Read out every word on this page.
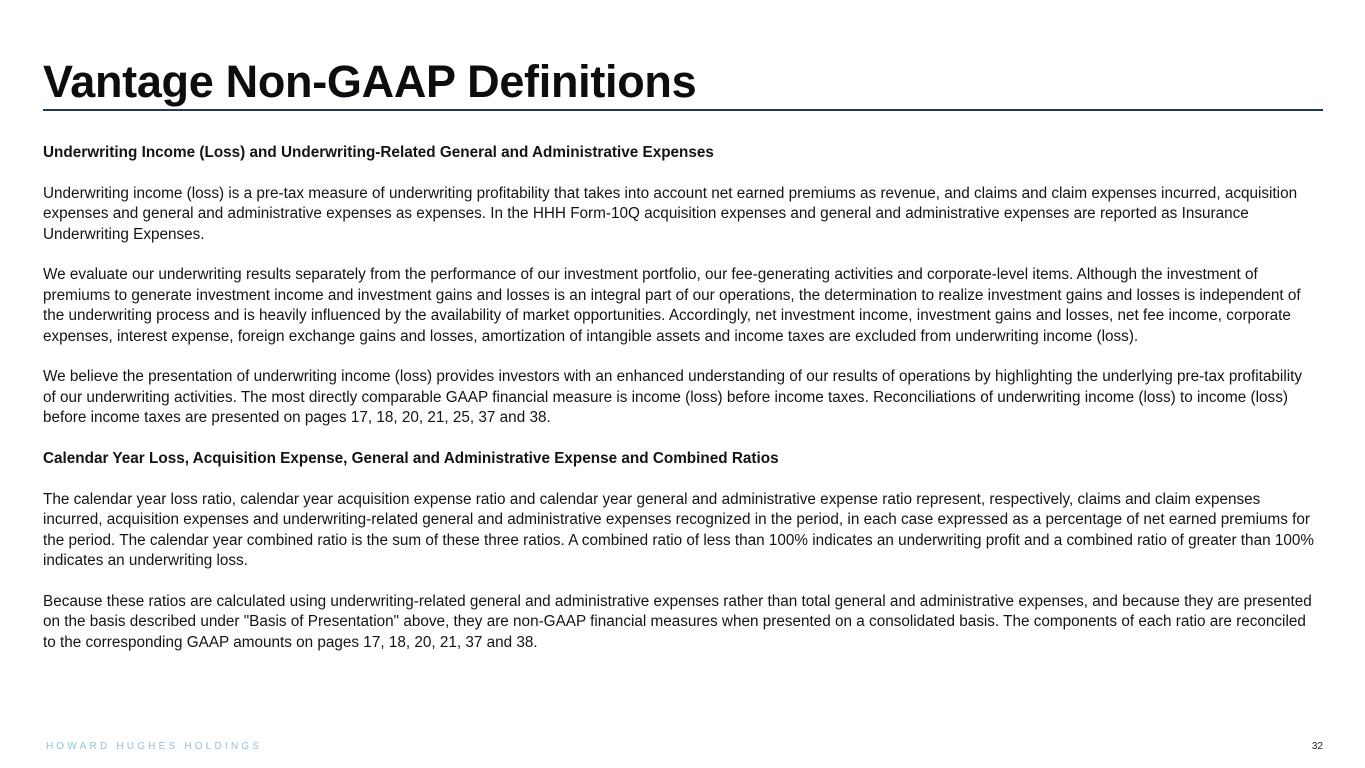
Vantage Non-GAAP Definitions

Underwriting Income (Loss) and Underwriting-Related General and Administrative Expenses

Underwriting income (loss) is a pre-tax measure of underwriting profitability that takes into account net earned premiums as revenue, and claims and claim expenses incurred, acquisition expenses and general and administrative expenses as expenses. In the HHH Form-10Q acquisition expenses and general and administrative expenses are reported as Insurance Underwriting Expenses.

We evaluate our underwriting results separately from the performance of our investment portfolio, our fee-generating activities and corporate-level items. Although the investment of premiums to generate investment income and investment gains and losses is an integral part of our operations, the determination to realize investment gains and losses is independent of the underwriting process and is heavily influenced by the availability of market opportunities. Accordingly, net investment income, investment gains and losses, net fee income, corporate expenses, interest expense, foreign exchange gains and losses, amortization of intangible assets and income taxes are excluded from underwriting income (loss).

We believe the presentation of underwriting income (loss) provides investors with an enhanced understanding of our results of operations by highlighting the underlying pre-tax profitability of our underwriting activities. The most directly comparable GAAP financial measure is income (loss) before income taxes. Reconciliations of underwriting income (loss) to income (loss) before income taxes are presented on pages 17, 18, 20, 21, 25, 37 and 38.

Calendar Year Loss, Acquisition Expense, General and Administrative Expense and Combined Ratios

The calendar year loss ratio, calendar year acquisition expense ratio and calendar year general and administrative expense ratio represent, respectively, claims and claim expenses incurred, acquisition expenses and underwriting-related general and administrative expenses recognized in the period, in each case expressed as a percentage of net earned premiums for the period. The calendar year combined ratio is the sum of these three ratios. A combined ratio of less than 100% indicates an underwriting profit and a combined ratio of greater than 100% indicates an underwriting loss.

Because these ratios are calculated using underwriting-related general and administrative expenses rather than total general and administrative expenses, and because they are presented on the basis described under "Basis of Presentation" above, they are non-GAAP financial measures when presented on a consolidated basis. The components of each ratio are reconciled to the corresponding GAAP amounts on pages 17, 18, 20, 21, 37 and 38.

HOWARD HUGHES HOLDINGS	32
